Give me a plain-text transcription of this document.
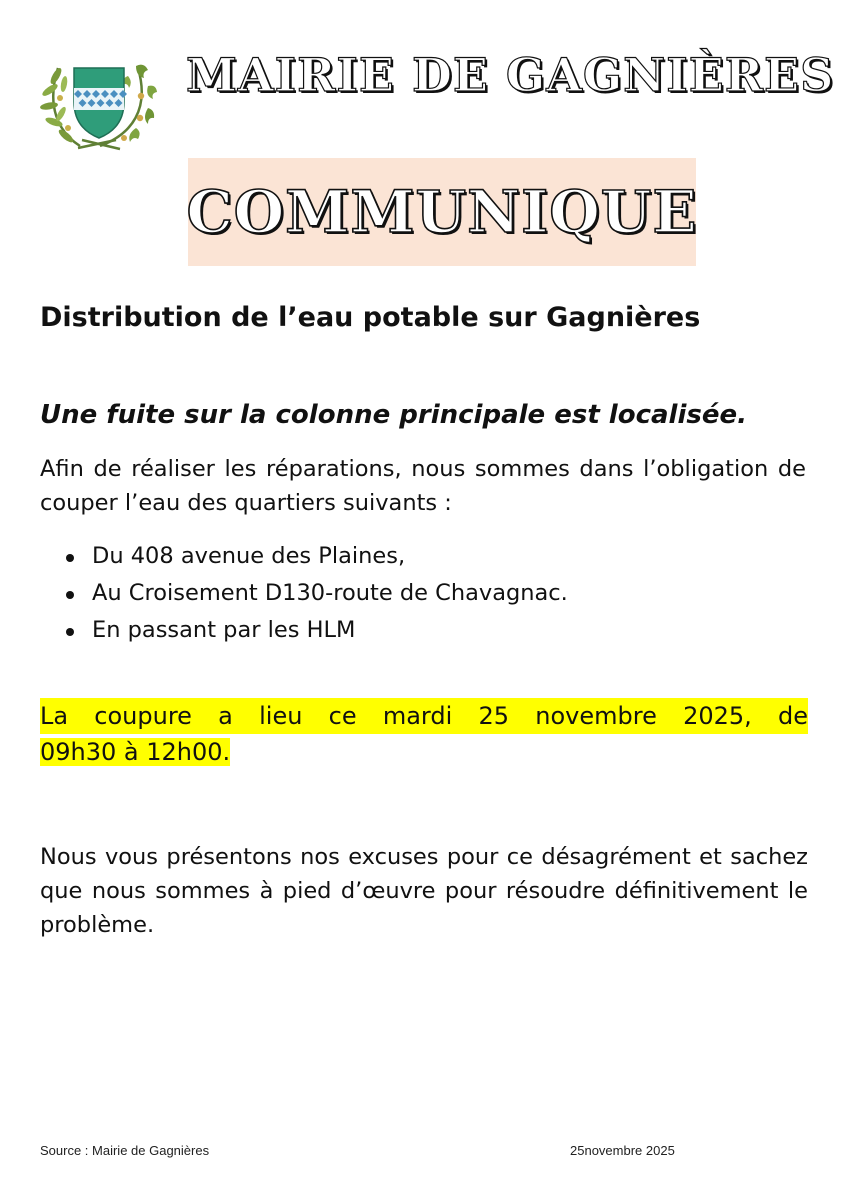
MAIRIE DE GAGNIÈRES
COMMUNIQUE
Distribution de l’eau potable sur Gagnières
Une fuite sur la colonne principale est localisée.
Afin de réaliser les réparations, nous sommes dans l’obligation de couper l’eau des quartiers suivants :
Du 408 avenue des Plaines,
Au Croisement D130-route de Chavagnac.
En passant par les HLM
La coupure a lieu ce mardi 25 novembre 2025, de
09h30 à 12h00.
Nous vous présentons nos excuses pour ce désagrément et sachez que nous sommes à pied d’œuvre pour résoudre définitivement le problème.
Source : Mairie de Gagnières	25novembre 2025
